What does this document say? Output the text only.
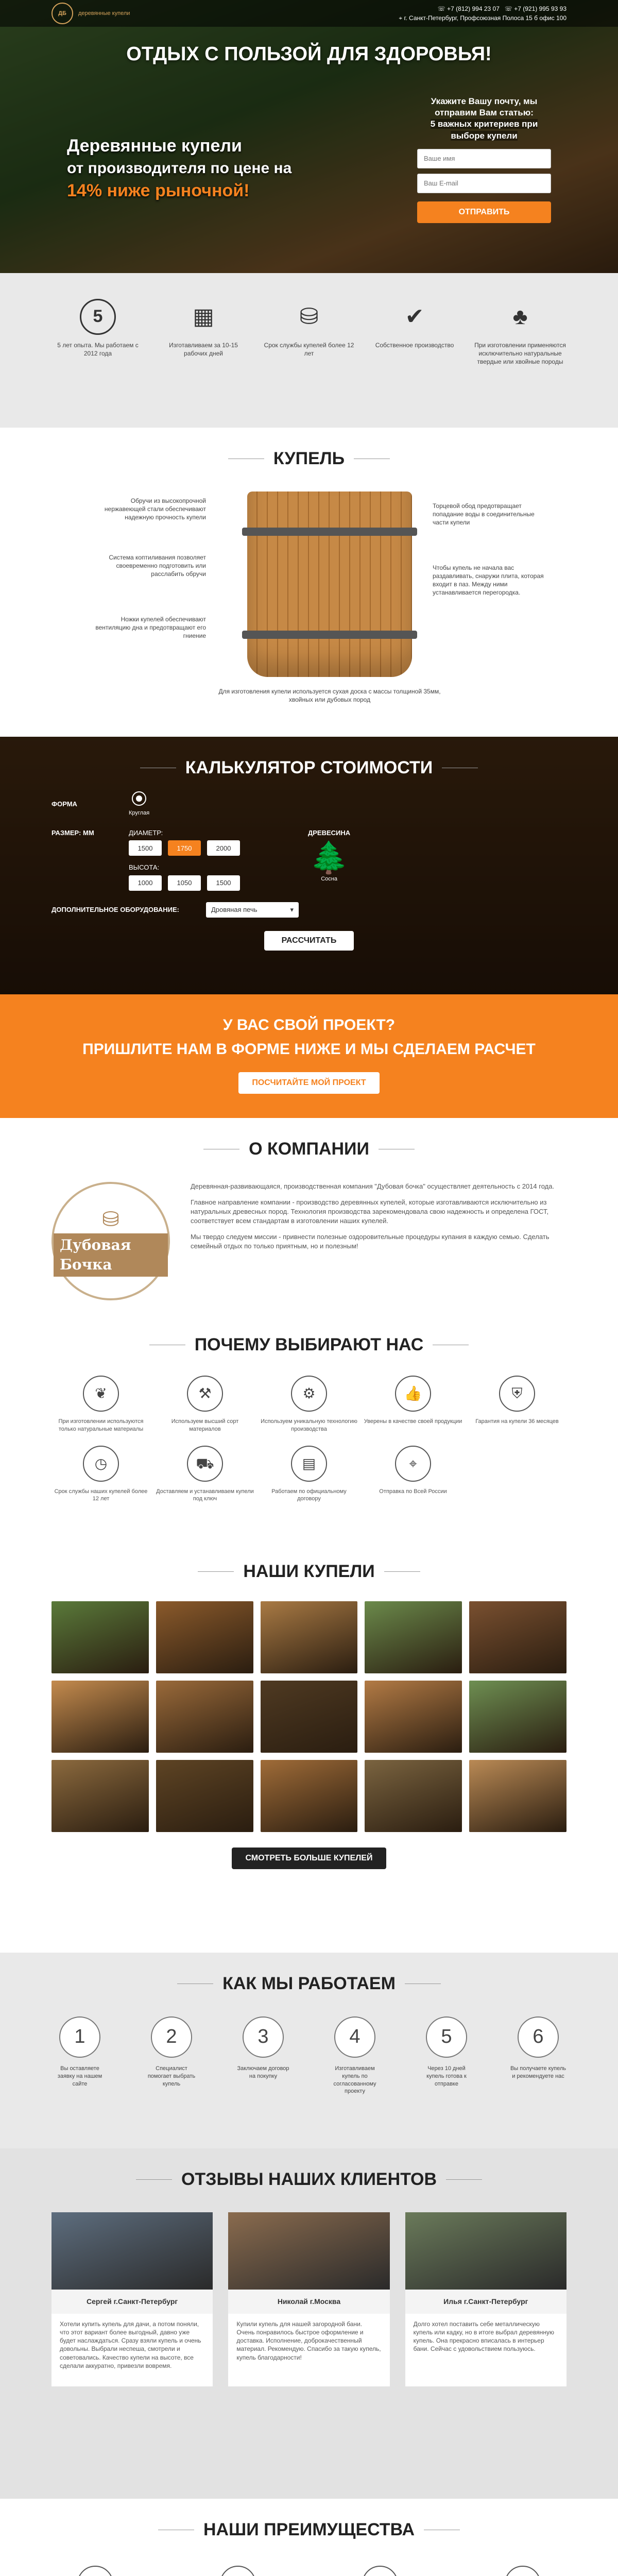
ДБ	деревянные купели
☏ +7 (812) 994 23 07 ☏ +7 (921) 995 93 93
⌖ г. Санкт-Петербург, Профсоюзная Полоса 15 б офис 100
ОТДЫХ С ПОЛЬЗОЙ ДЛЯ ЗДОРОВЬЯ!
Деревянные купели
от производителя по цене на
14% ниже рыночной!
Укажите Вашу почту, мы отправим Вам статью:
5 важных критериев при выборе купели
Ваше имя
Ваш E-mail ОТПРАВИТЬ
5
5 лет опыта. Мы работаем с 2012 года
▦
Изготавливаем за 10-15 рабочих дней
⛁
Срок службы купелей более 12 лет
✔
Собственное производство
♣
При изготовлении применяются исключительно натуральные твердые или хвойные породы
КУПЕЛЬ
Обручи из высокопрочной нержавеющей стали обеспечивают надежную прочность купели
Система коптиливания позволяет своевременно подготовить или расслабить обручи
Ножки купелей обеспечивают вентиляцию дна и предотвращают его гниение
Торцевой обод предотвращает попадание воды в соединительные части купели
Чтобы купель не начала вас раздавливать, снаружи плита, которая входит в паз. Между ними устанавливается перегородка.
Для изготовления купели используется сухая доска с массы толщиной 35мм, хвойных или дубовых пород
КАЛЬКУЛЯТОР СТОИМОСТИ
ФОРМА
Круглая
РАЗМЕР: ММ	ДИАМЕТР:
1500	1750	2000
ВЫСОТА:
1000	1050	1500
ДРЕВЕСИНА
🌲
Сосна
ДОПОЛНИТЕЛЬНОЕ ОБОРУДОВАНИЕ:	Дровяная печь	▾
РАССЧИТАТЬ
У ВАС СВОЙ ПРОЕКТ?
ПРИШЛИТЕ НАМ В ФОРМЕ НИЖЕ И МЫ СДЕЛАЕМ РАСЧЕТ
ПОСЧИТАЙТЕ МОЙ ПРОЕКТ
О КОМПАНИИ
⛁
Дубовая Бочка

Деревянная-развивающаяся, производственная компания "Дубовая бочка" осуществляет деятельность с 2014 года.

Главное направление компании - производство деревянных купелей, которые изготавливаются исключительно из натуральных древесных пород. Технология производства зарекомендовала свою надежность и определена ГОСТ, соответствует всем стандартам в изготовлении наших купелей.

Мы твердо следуем миссии - привнести полезные оздоровительные процедуры купания в каждую семью. Сделать семейный отдых по только приятным, но и полезным!

ПОЧЕМУ ВЫБИРАЮТ НАС
❦
При изготовлении используются только натуральные материалы
⚒
Используем высший сорт материалов
⚙
Используем уникальную технологию производства
👍
Уверены в качестве своей продукции
⛨
Гарантия на купели 36 месяцев
◷
Срок службы наших купелей более 12 лет
⛟
Доставляем и устанавливаем купели под ключ
▤
Работаем по официальному договору
⌖
Отправка по Всей России
НАШИ КУПЕЛИ
СМОТРЕТЬ БОЛЬШЕ КУПЕЛЕЙ
КАК МЫ РАБОТАЕМ
1
Вы оставляете заявку на нашем сайте
2
Специалист помогает выбрать купель
3
Заключаем договор на покупку
4
Изготавливаем купель по согласованному проекту
5
Через 10 дней купель готова к отправке
6
Вы получаете купель и рекомендуете нас
ОТЗЫВЫ НАШИХ КЛИЕНТОВ
Сергей г.Санкт-Петербург
Хотели купить купель для дачи, а потом поняли, что этот вариант более выгодный, давно уже будет наслаждаться. Сразу взяли купель и очень довольны. Выбрали неспеша, смотрели и советовались. Качество купели на высоте, все сделали аккуратно, привезли вовремя.
Николай г.Москва
Купили купель для нашей загородной бани. Очень понравилось быстрое оформление и доставка. Исполнение, доброкачественный материал. Рекомендую. Спасибо за такую купель, купель благодарности!
Илья г.Санкт-Петербург
Долго хотел поставить себе металлическую купель или кадку, но в итоге выбрал деревянную купель. Она прекрасно вписалась в интерьер бани. Сейчас с удовольствием пользуюсь.
НАШИ ПРЕИМУЩЕСТВА
